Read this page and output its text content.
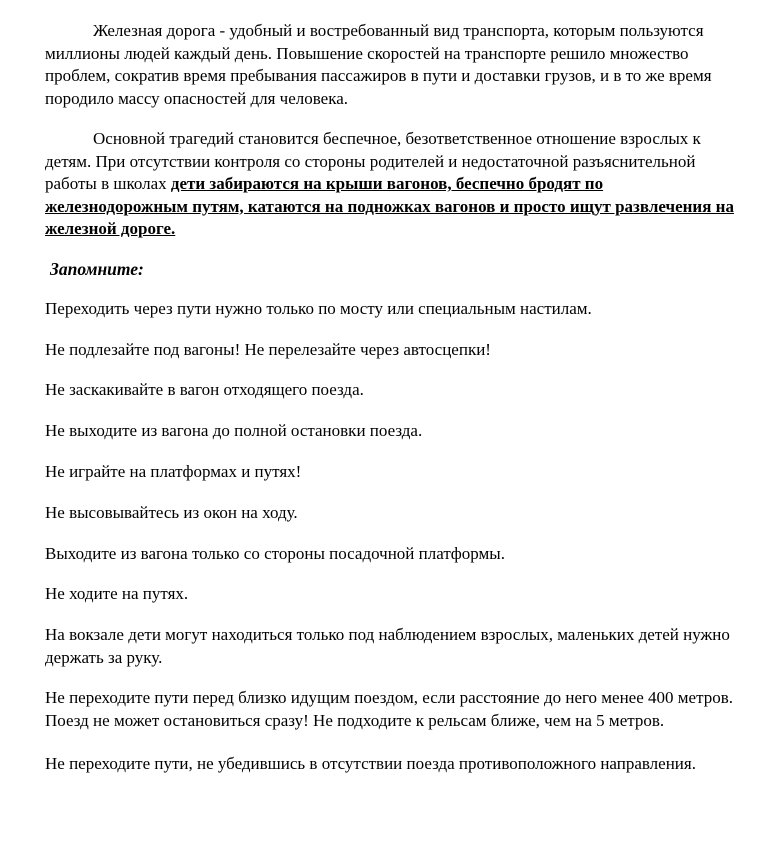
Железная дорога - удобный и востребованный вид транспорта, которым пользуются миллионы людей каждый день. Повышение скоростей на транспорте решило множество проблем, сократив время пребывания пассажиров в пути и доставки грузов, и в то же время породило массу опасностей для человека.

Основной трагедий становится беспечное, безответственное отношение взрослых к детям. При отсутствии контроля со стороны родителей и недостаточной разъяснительной работы в школах дети забираются на крыши вагонов, беспечно бродят по железнодорожным путям, катаются на подножках вагонов и просто ищут развлечения на железной дороге.

Запомните:

Переходить через пути нужно только по мосту или специальным настилам.

Не подлезайте под вагоны! Не перелезайте через автосцепки!

Не заскакивайте в вагон отходящего поезда.

Не выходите из вагона до полной остановки поезда.

Не играйте на платформах и путях!

Не высовывайтесь из окон на ходу.

Выходите из вагона только со стороны посадочной платформы.

Не ходите на путях.

На вокзале дети могут находиться только под наблюдением взрослых, маленьких детей нужно держать за руку.

Не переходите пути перед близко идущим поездом, если расстояние до него менее 400 метров. Поезд не может остановиться сразу! Не подходите к рельсам ближе, чем на 5 метров.

Не переходите пути, не убедившись в отсутствии поезда противоположного направления.
